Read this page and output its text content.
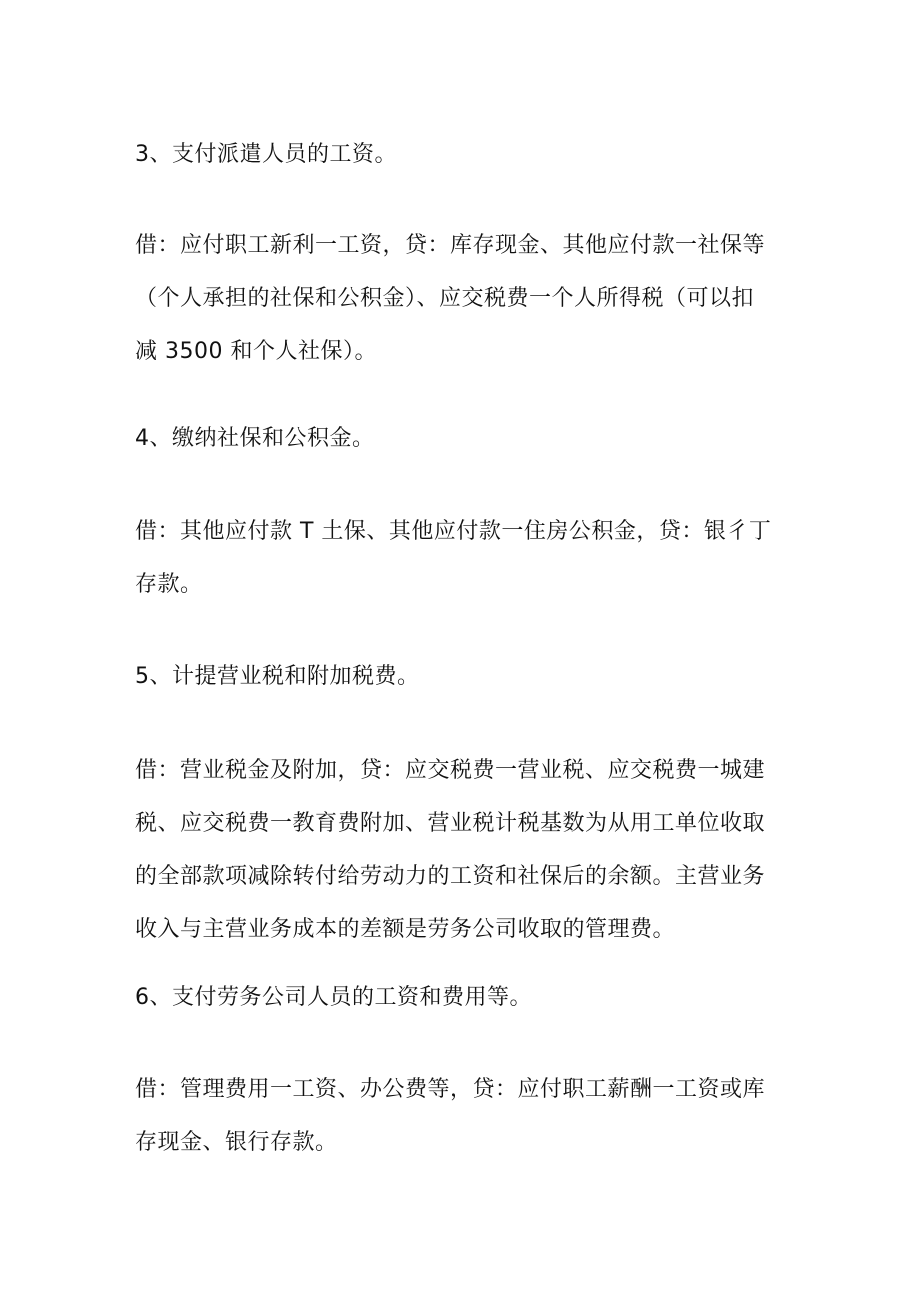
3、支付派遣人员的工资。

借：应付职工新利一工资，贷：库存现金、其他应付款一社保等
（个人承担的社保和公积金）、应交税费一个人所得税（可以扣
减 3500 和个人社保）。

4、缴纳社保和公积金。

借：其他应付款 T 土保、其他应付款一住房公积金，贷：银彳丁
存款。

5、计提营业税和附加税费。

借：营业税金及附加，贷：应交税费一营业税、应交税费一城建
税、应交税费一教育费附加、营业税计税基数为从用工单位收取
的全部款项减除转付给劳动力的工资和社保后的余额。主营业务
收入与主营业务成本的差额是劳务公司收取的管理费。

6、支付劳务公司人员的工资和费用等。

借：管理费用一工资、办公费等，贷：应付职工薪酬一工资或库
存现金、银行存款。
